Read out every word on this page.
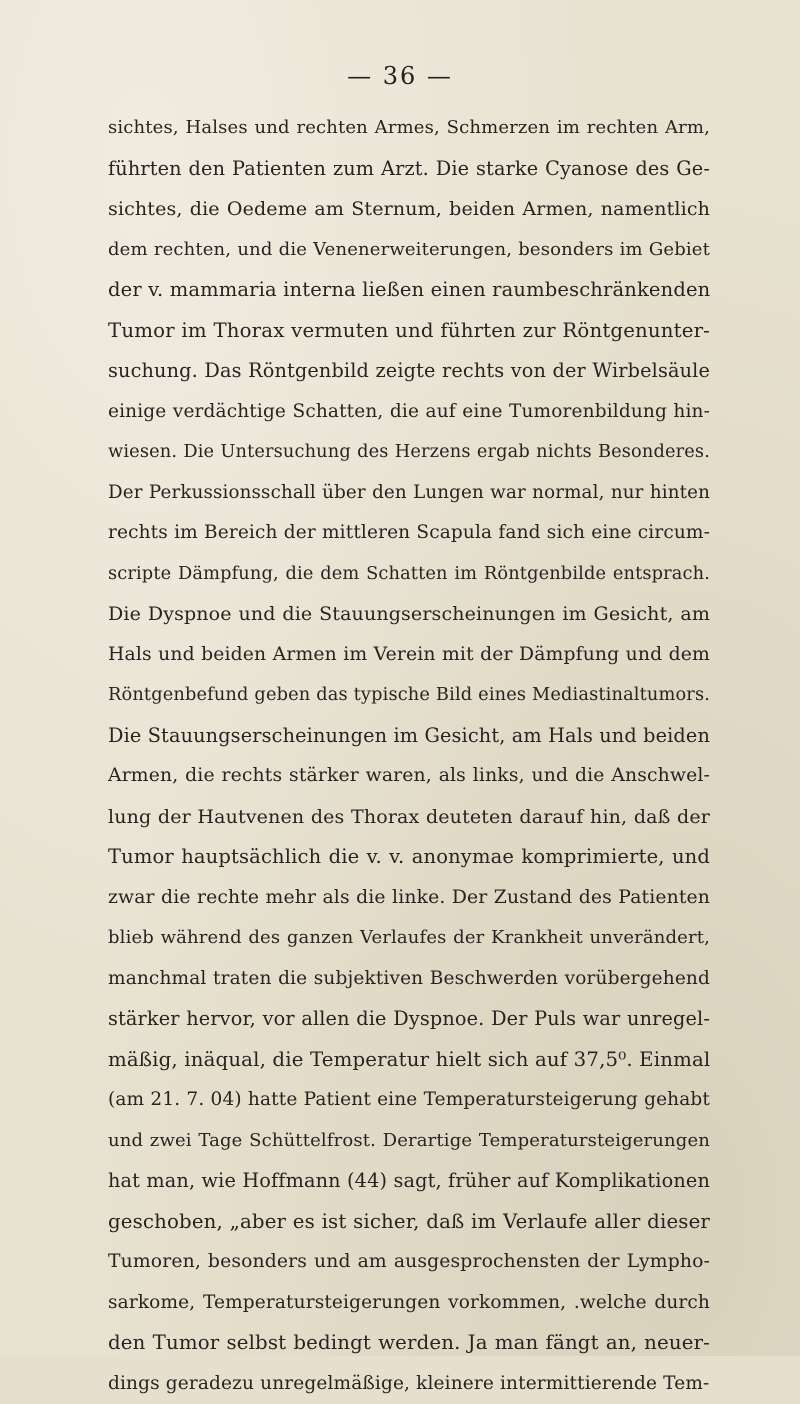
— 36 —
sichtes, Halses und rechten Armes, Schmerzen im rechten Arm,
führten den Patienten zum Arzt. Die starke Cyanose des Ge-
sichtes, die Oedeme am Sternum, beiden Armen, namentlich
dem rechten, und die Venenerweiterungen, besonders im Gebiet
der v. mammaria interna ließen einen raumbeschränkenden
Tumor im Thorax vermuten und führten zur Röntgenunter-
suchung. Das Röntgenbild zeigte rechts von der Wirbelsäule
einige verdächtige Schatten, die auf eine Tumorenbildung hin-
wiesen. Die Untersuchung des Herzens ergab nichts Besonderes.
Der Perkussionsschall über den Lungen war normal, nur hinten
rechts im Bereich der mittleren Scapula fand sich eine circum-
scripte Dämpfung, die dem Schatten im Röntgenbilde entsprach.
Die Dyspnoe und die Stauungserscheinungen im Gesicht, am
Hals und beiden Armen im Verein mit der Dämpfung und dem
Röntgenbefund geben das typische Bild eines Mediastinaltumors.
Die Stauungserscheinungen im Gesicht, am Hals und beiden
Armen, die rechts stärker waren, als links, und die Anschwel-
lung der Hautvenen des Thorax deuteten darauf hin, daß der
Tumor hauptsächlich die v. v. anonymae komprimierte, und
zwar die rechte mehr als die linke. Der Zustand des Patienten
blieb während des ganzen Verlaufes der Krankheit unverändert,
manchmal traten die subjektiven Beschwerden vorübergehend
stärker hervor, vor allen die Dyspnoe. Der Puls war unregel-
mäßig, inäqual, die Temperatur hielt sich auf 37,5⁰. Einmal
(am 21. 7. 04) hatte Patient eine Temperatursteigerung gehabt
und zwei Tage Schüttelfrost. Derartige Temperatursteigerungen
hat man, wie Hoffmann (44) sagt, früher auf Komplikationen
geschoben, „aber es ist sicher, daß im Verlaufe aller dieser
Tumoren, besonders und am ausgesprochensten der Lympho-
sarkome, Temperatursteigerungen vorkommen, .welche durch
den Tumor selbst bedingt werden. Ja man fängt an, neuer-
dings geradezu unregelmäßige, kleinere intermittierende Tem-
